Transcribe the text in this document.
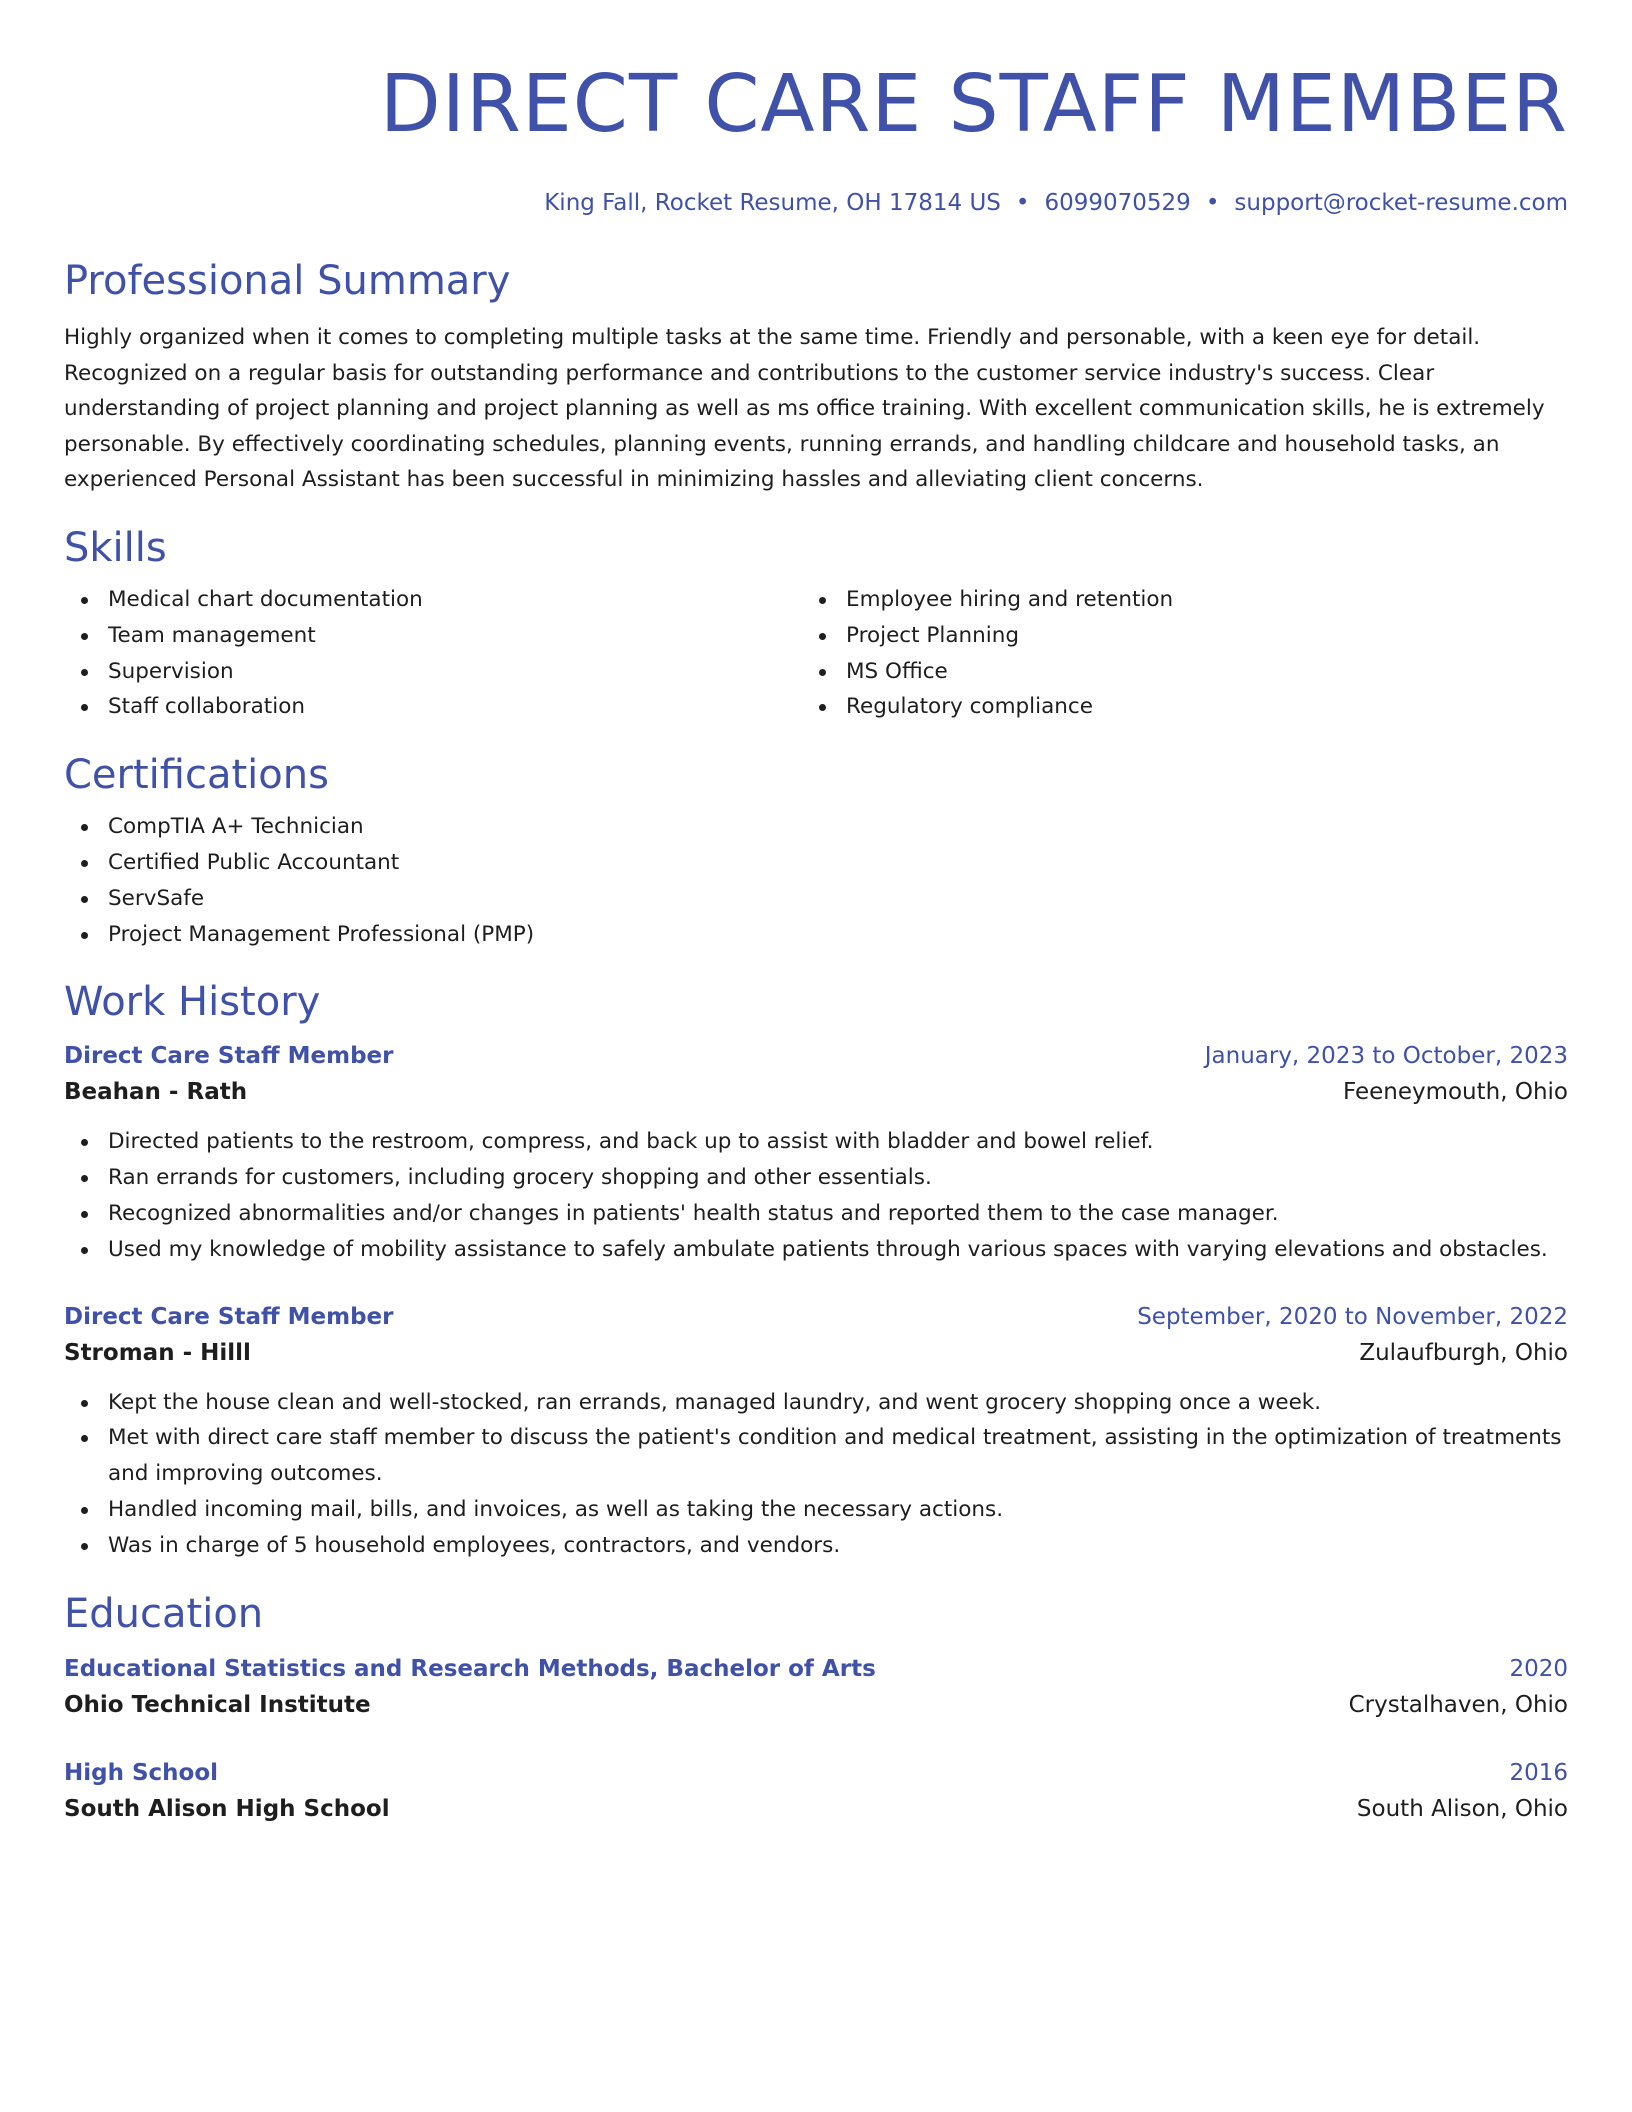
DIRECT CARE STAFF MEMBER
King Fall, Rocket Resume, OH 17814 US • 6099070529 • support@rocket-resume.com
Professional Summary

Highly organized when it comes to completing multiple tasks at the same time. Friendly and personable, with a keen eye for detail. Recognized on a regular basis for outstanding performance and contributions to the customer service industry's success. Clear understanding of project planning and project planning as well as ms office training. With excellent communication skills, he is extremely personable. By effectively coordinating schedules, planning events, running errands, and handling childcare and household tasks, an experienced Personal Assistant has been successful in minimizing hassles and alleviating client concerns.

Skills
Medical chart documentation
Team management
Supervision
Staff collaboration
Employee hiring and retention
Project Planning
MS Office
Regulatory compliance
Certifications
CompTIA A+ Technician
Certified Public Accountant
ServSafe
Project Management Professional (PMP)
Work History
Direct Care Staff Member	January, 2023 to October, 2023
Beahan - Rath	Feeneymouth, Ohio
Directed patients to the restroom, compress, and back up to assist with bladder and bowel relief.
Ran errands for customers, including grocery shopping and other essentials.
Recognized abnormalities and/or changes in patients' health status and reported them to the case manager.
Used my knowledge of mobility assistance to safely ambulate patients through various spaces with varying elevations and obstacles.
Direct Care Staff Member	September, 2020 to November, 2022
Stroman - Hilll	Zulaufburgh, Ohio
Kept the house clean and well-stocked, ran errands, managed laundry, and went grocery shopping once a week.
Met with direct care staff member to discuss the patient's condition and medical treatment, assisting in the optimization of treatments and improving outcomes.
Handled incoming mail, bills, and invoices, as well as taking the necessary actions.
Was in charge of 5 household employees, contractors, and vendors.
Education
Educational Statistics and Research Methods, Bachelor of Arts	2020
Ohio Technical Institute	Crystalhaven, Ohio
High School	2016
South Alison High School	South Alison, Ohio
